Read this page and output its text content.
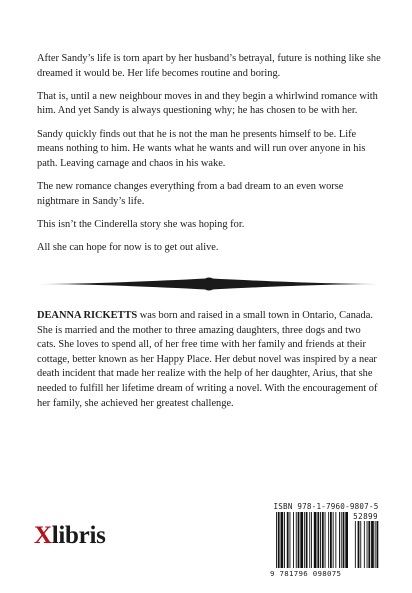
After Sandy’s life is torn apart by her husband’s betrayal, future is nothing like she dreamed it would be. Her life becomes routine and boring.

That is, until a new neighbour moves in and they begin a whirlwind romance with him. And yet Sandy is always questioning why; he has chosen to be with her.

Sandy quickly finds out that he is not the man he presents himself to be. Life means nothing to him. He wants what he wants and will run over anyone in his path. Leaving carnage and chaos in his wake.

The new romance changes everything from a bad dream to an even worse nightmare in Sandy’s life.

This isn’t the Cinderella story she was hoping for.

All she can hope for now is to get out alive.

DEANNA RICKETTS was born and raised in a small town in Ontario, Canada. She is married and the mother to three amazing daughters, three dogs and two cats. She loves to spend all, of her free time with her family and friends at their cottage, better known as her Happy Place. Her debut novel was inspired by a near death incident that made her realize with the help of her daughter, Arius, that she needed to fulfill her lifetime dream of writing a novel. With the encouragement of her family, she achieved her greatest challenge.

Xlibris
ISBN 978-1-7960-9807-5
52899
9 781796 098075
